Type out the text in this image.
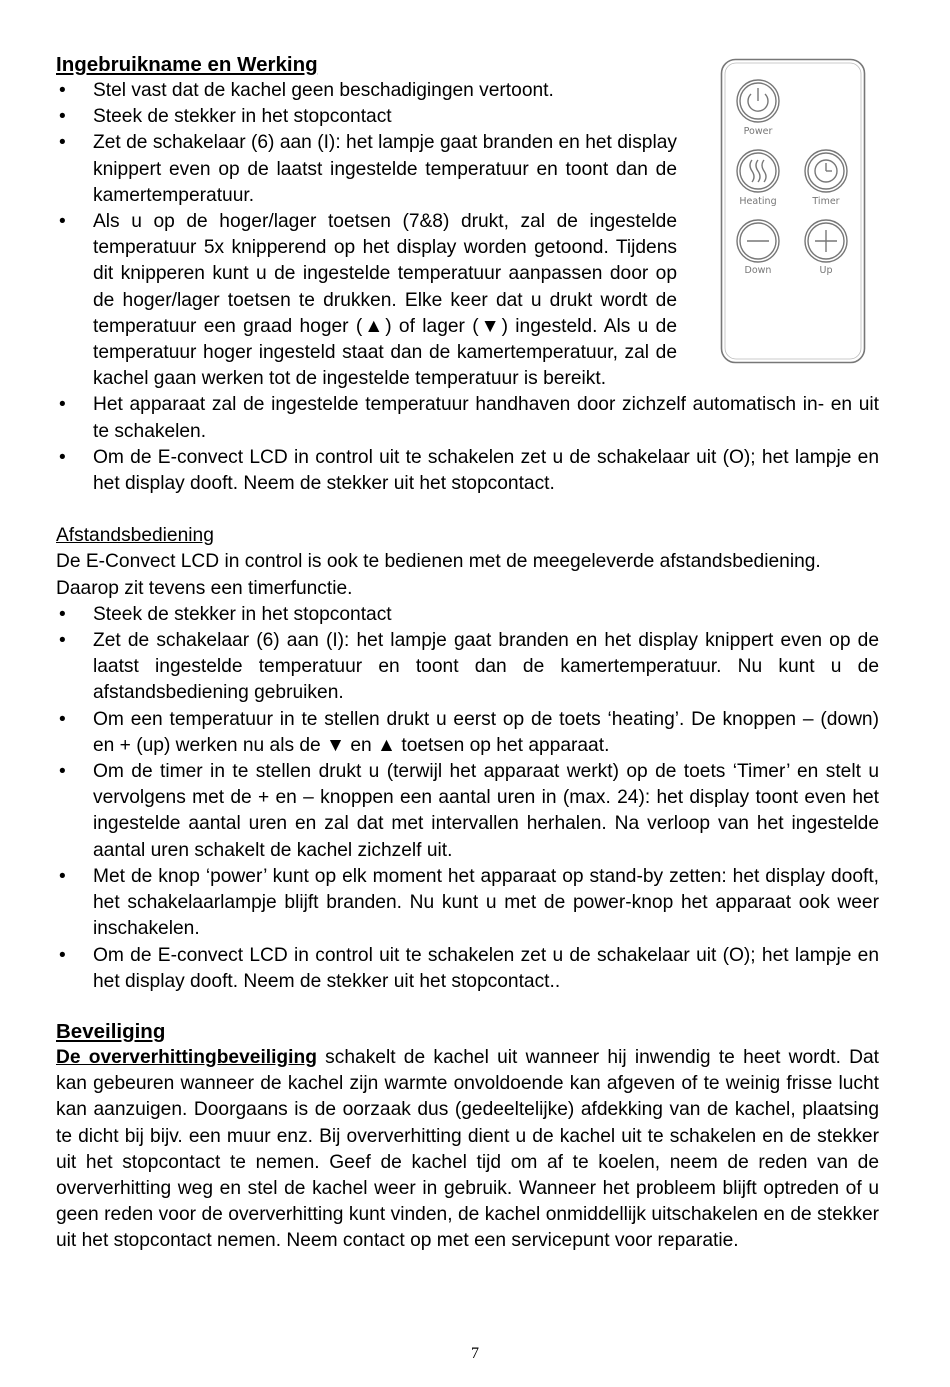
Ingebruikname en Werking
• Stel vast dat de kachel geen beschadigingen vertoont.
• Steek de stekker in het stopcontact
• Zet de schakelaar (6) aan (I): het lampje gaat branden en het display knippert even op de laatst ingestelde temperatuur en toont dan de kamertemperatuur.
• Als u op de hoger/lager toetsen (7&8) drukt, zal de ingestelde temperatuur 5x knipperend op het display worden getoond. Tijdens dit knipperen kunt u de ingestelde temperatuur aanpassen door op de hoger/lager toetsen te drukken. Elke keer dat u drukt wordt de temperatuur een graad hoger (▲) of lager (▼) ingesteld. Als u de temperatuur hoger ingesteld staat dan de kamertemperatuur, zal de kachel gaan werken tot de ingestelde temperatuur is bereikt.
• Het apparaat zal de ingestelde temperatuur handhaven door zichzelf automatisch in- en uit te schakelen.
• Om de E-convect LCD in control uit te schakelen zet u de schakelaar uit (O); het lampje en het display dooft. Neem de stekker uit het stopcontact.
Afstandsbediening

De E-Convect LCD in control is ook te bedienen met de meegeleverde afstandsbediening. Daarop zit tevens een timerfunctie.

• Steek de stekker in het stopcontact
• Zet de schakelaar (6) aan (I): het lampje gaat branden en het display knippert even op de laatst ingestelde temperatuur en toont dan de kamertemperatuur. Nu kunt u de afstandsbediening gebruiken.
• Om een temperatuur in te stellen drukt u eerst op de toets ‘heating’. De knoppen – (down) en + (up) werken nu als de ▼ en ▲ toetsen op het apparaat.
• Om de timer in te stellen drukt u (terwijl het apparaat werkt) op de toets ‘Timer’ en stelt u vervolgens met de + en – knoppen een aantal uren in (max. 24): het display toont even het ingestelde aantal uren en zal dat met intervallen herhalen. Na verloop van het ingestelde aantal uren schakelt de kachel zichzelf uit.
• Met de knop ‘power’ kunt op elk moment het apparaat op stand-by zetten: het display dooft, het schakelaarlampje blijft branden. Nu kunt u met de power-knop het apparaat ook weer inschakelen.
• Om de E-convect LCD in control uit te schakelen zet u de schakelaar uit (O); het lampje en het display dooft. Neem de stekker uit het stopcontact..
Beveiliging

De oververhittingbeveiliging schakelt de kachel uit wanneer hij inwendig te heet wordt. Dat kan gebeuren wanneer de kachel zijn warmte onvoldoende kan afgeven of te weinig frisse lucht kan aanzuigen. Doorgaans is de oorzaak dus (gedeeltelijke) afdekking van de kachel, plaatsing te dicht bij bijv. een muur enz. Bij oververhitting dient u de kachel uit te schakelen en de stekker uit het stopcontact te nemen. Geef de kachel tijd om af te koelen, neem de reden van de oververhitting weg en stel de kachel weer in gebruik. Wanneer het probleem blijft optreden of u geen reden voor de oververhitting kunt vinden, de kachel onmiddellijk uitschakelen en de stekker uit het stopcontact nemen. Neem contact op met een servicepunt voor reparatie.

Power
Heating	Timer
Down	Up
7
